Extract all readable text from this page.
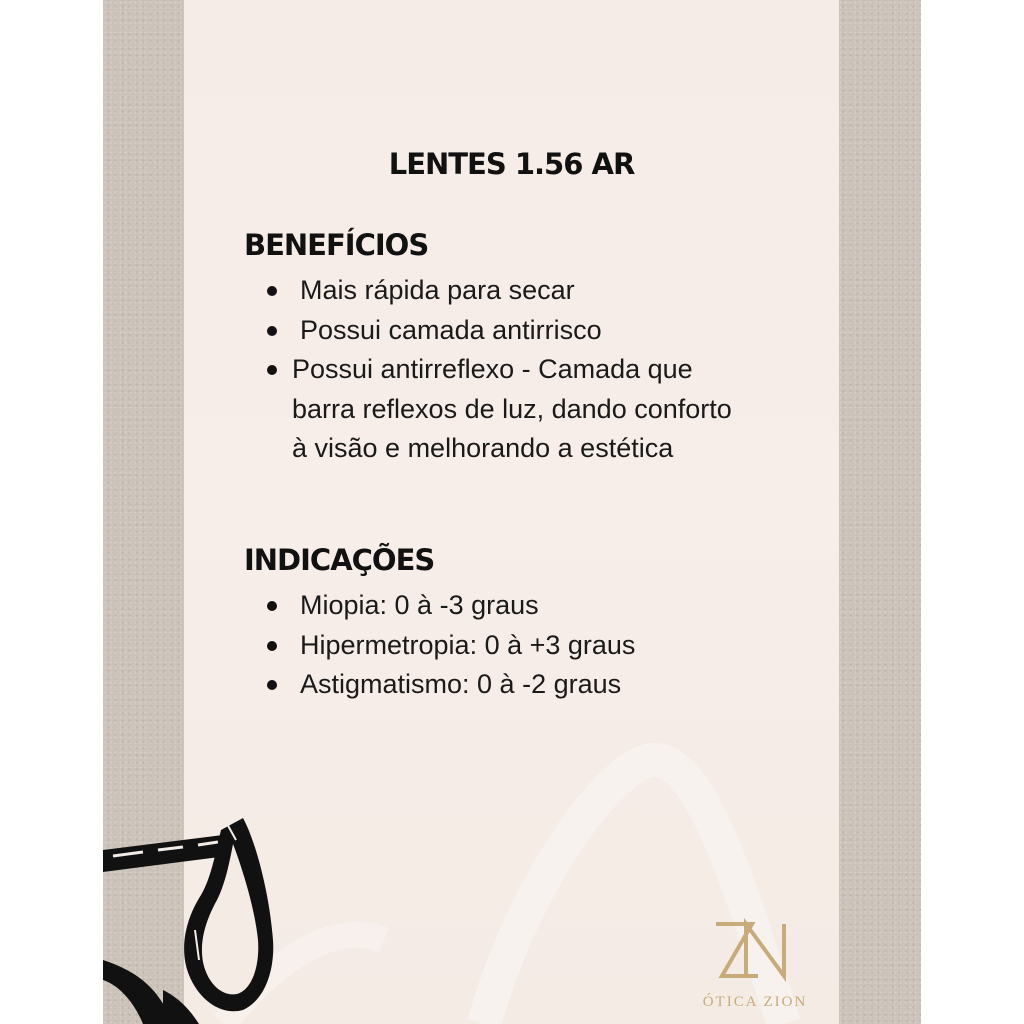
LENTES 1.56 AR
BENEFÍCIOS
Mais rápida para secar
Possui camada antirrisco
Possui antirreflexo - Camada que barra reflexos de luz, dando conforto à visão e melhorando a estética
INDICAÇÕES
Miopia: 0 à -3 graus
Hipermetropia: 0 à +3 graus
Astigmatismo: 0 à -2 graus
ÓTICA ZION
